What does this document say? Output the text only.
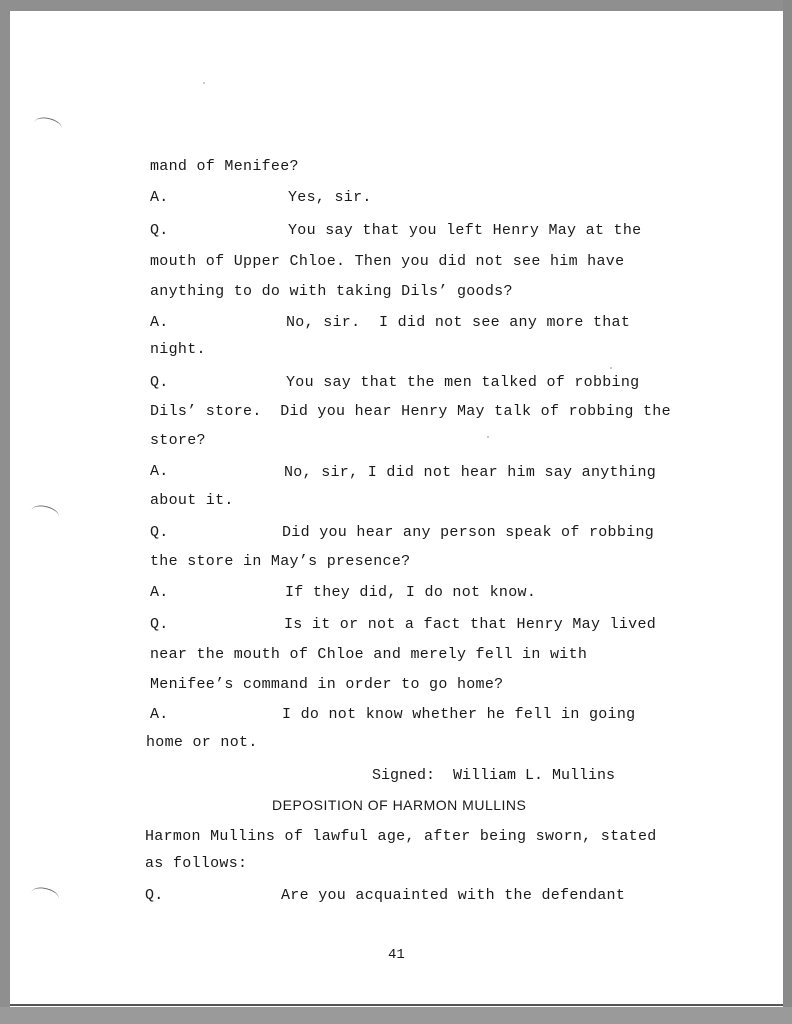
mand of Menifee?
A.	Yes, sir.
Q.	You say that you left Henry May at the
mouth of Upper Chloe. Then you did not see him have
anything to do with taking Dils’ goods?
A.	No, sir.  I did not see any more that
night.
Q.	You say that the men talked of robbing
Dils’ store.  Did you hear Henry May talk of robbing the
store?
A.	No, sir, I did not hear him say anything
about it.
Q.	Did you hear any person speak of robbing
the store in May’s presence?
A.	If they did, I do not know.
Q.	Is it or not a fact that Henry May lived
near the mouth of Chloe and merely fell in with
Menifee’s command in order to go home?
A.	I do not know whether he fell in going
home or not.
Signed:  William L. Mullins
DEPOSITION OF HARMON MULLINS
Harmon Mullins of lawful age, after being sworn, stated
as follows:
Q.	Are you acquainted with the defendant
41
